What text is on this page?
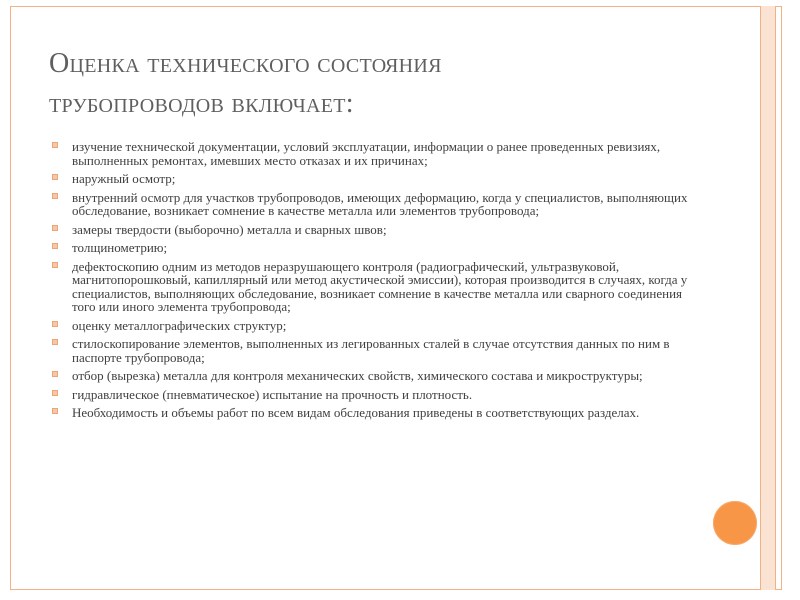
Оценка технического состояния
трубопроводов включает:
изучение технической документации, условий эксплуатации, информации о ранее проведенных ревизиях, выполненных ремонтах, имевших место отказах и их причинах;
наружный осмотр;
внутренний осмотр для участков трубопроводов, имеющих деформацию, когда у специалистов, выполняющих обследование, возникает сомнение в качестве металла или элементов трубопровода;
замеры твердости (выборочно) металла и сварных швов;
толщинометрию;
дефектоскопию одним из методов неразрушающего контроля (радиографический, ультразвуковой, магнитопорошковый, капиллярный или метод акустической эмиссии), которая производится в случаях, когда у специалистов, выполняющих обследование, возникает сомнение в качестве металла или сварного соединения того или иного элемента трубопровода;
оценку металлографических структур;
стилоскопирование элементов, выполненных из легированных сталей в случае отсутствия данных по ним в паспорте трубопровода;
отбор (вырезка) металла для контроля механических свойств, химического состава и микроструктуры;
гидравлическое (пневматическое) испытание на прочность и плотность.
Необходимость и объемы работ по всем видам обследования приведены в соответствующих разделах.
